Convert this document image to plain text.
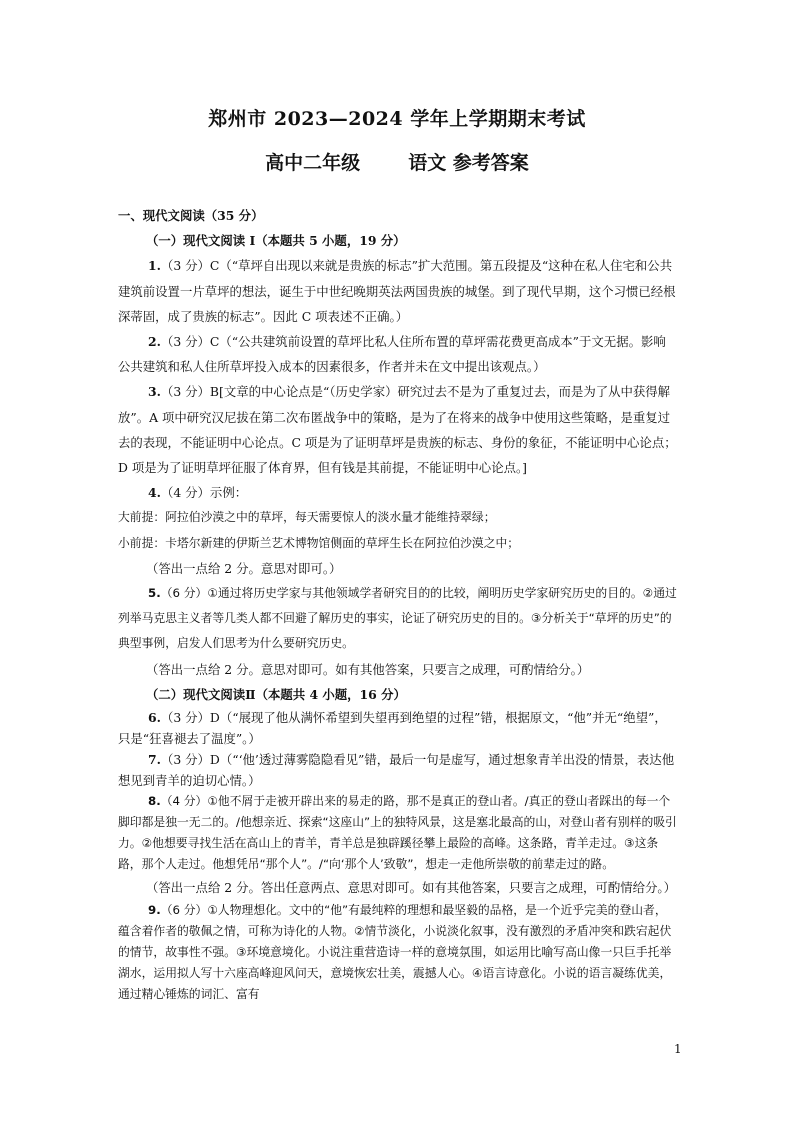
郑州市 2023—2024 学年上学期期末考试
高中二年级	语文 参考答案

一、现代文阅读（35 分）

（一）现代文阅读 I（本题共 5 小题，19 分）

1.（3 分）C（“草坪自出现以来就是贵族的标志”扩大范围。第五段提及“这种在私人住宅和公共建筑前设置一片草坪的想法，诞生于中世纪晚期英法两国贵族的城堡。到了现代早期，这个习惯已经根深蒂固，成了贵族的标志”。因此 C 项表述不正确。）

2.（3 分）C（“公共建筑前设置的草坪比私人住所布置的草坪需花费更高成本”于文无据。影响公共建筑和私人住所草坪投入成本的因素很多，作者并未在文中提出该观点。）

3.（3 分）B[文章的中心论点是“（历史学家）研究过去不是为了重复过去，而是为了从中获得解放”。A 项中研究汉尼拔在第二次布匿战争中的策略，是为了在将来的战争中使用这些策略，是重复过去的表现，不能证明中心论点。C 项是为了证明草坪是贵族的标志、身份的象征，不能证明中心论点；D 项是为了证明草坪征服了体育界，但有钱是其前提，不能证明中心论点。]

4.（4 分）示例：

大前提：阿拉伯沙漠之中的草坪，每天需要惊人的淡水量才能维持翠绿；

小前提：卡塔尔新建的伊斯兰艺术博物馆侧面的草坪生长在阿拉伯沙漠之中；

（答出一点给 2 分。意思对即可。）

5.（6 分）①通过将历史学家与其他领域学者研究目的的比较，阐明历史学家研究历史的目的。②通过列举马克思主义者等几类人都不回避了解历史的事实，论证了研究历史的目的。③分析关于“草坪的历史”的典型事例，启发人们思考为什么要研究历史。

（答出一点给 2 分。意思对即可。如有其他答案，只要言之成理，可酌情给分。）

（二）现代文阅读Ⅱ（本题共 4 小题，16 分）

6.（3 分）D（“展现了他从满怀希望到失望再到绝望的过程”错，根据原文，“他”并无“绝望”，只是“狂喜褪去了温度”。）

7.（3 分）D（“‘他’透过薄雾隐隐看见”错，最后一句是虚写，通过想象青羊出没的情景，表达他想见到青羊的迫切心情。）

8.（4 分）①他不屑于走被开辟出来的易走的路，那不是真正的登山者。/真正的登山者踩出的每一个脚印都是独一无二的。/他想亲近、探索“这座山”上的独特风景，这是塞北最高的山，对登山者有别样的吸引力。②他想要寻找生活在高山上的青羊，青羊总是独辟蹊径攀上最险的高峰。这条路，青羊走过。③这条路，那个人走过。他想凭吊“那个人”。/“向‘那个人’致敬”，想走一走他所崇敬的前辈走过的路。

（答出一点给 2 分。答出任意两点、意思对即可。如有其他答案，只要言之成理，可酌情给分。）

9.（6 分）①人物理想化。文中的“他”有最纯粹的理想和最坚毅的品格，是一个近乎完美的登山者，蕴含着作者的敬佩之情，可称为诗化的人物。②情节淡化，小说淡化叙事，没有激烈的矛盾冲突和跌宕起伏的情节，故事性不强。③环境意境化。小说注重营造诗一样的意境氛围，如运用比喻写高山像一只巨手托举湖水，运用拟人写十六座高峰迎风问天，意境恢宏壮美，震撼人心。④语言诗意化。小说的语言凝练优美，通过精心锤炼的词汇、富有

1
